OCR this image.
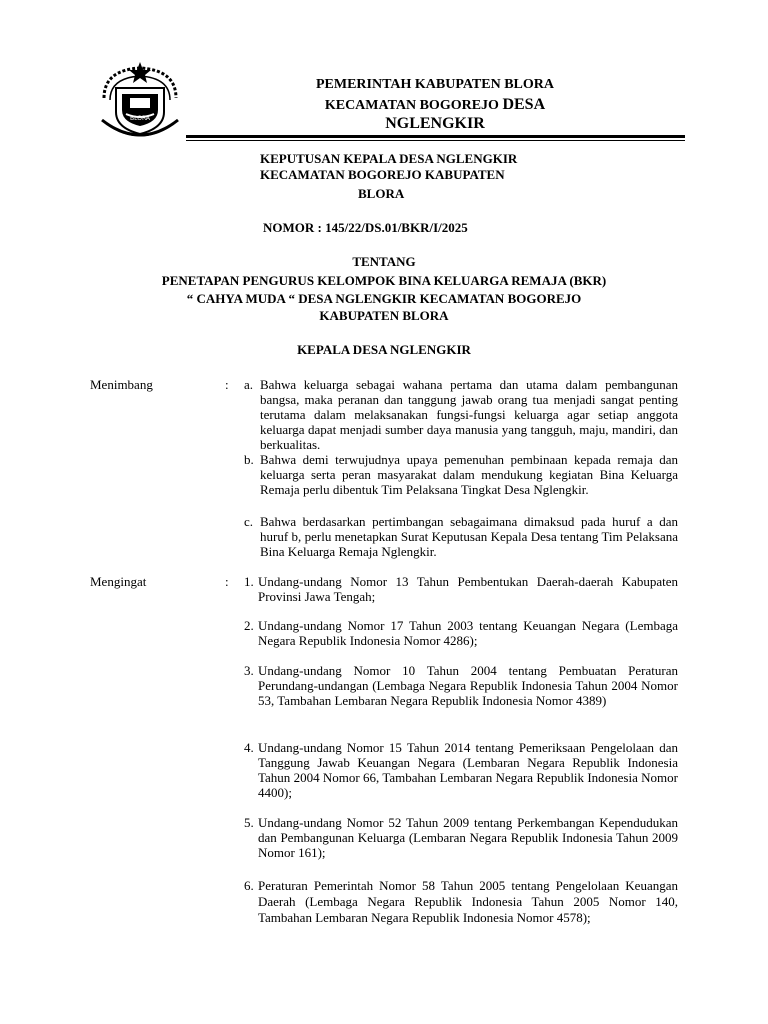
BLORA
PEMERINTAH KABUPATEN BLORA
KECAMATAN BOGOREJO DESA
NGLENGKIR
KEPUTUSAN KEPALA DESA NGLENGKIR
KECAMATAN BOGOREJO KABUPATEN
BLORA
NOMOR : 145/22/DS.01/BKR/I/2025
TENTANG
PENETAPAN PENGURUS KELOMPOK BINA KELUARGA REMAJA (BKR)
“ CAHYA MUDA “ DESA NGLENGKIR KECAMATAN BOGOREJO
KABUPATEN BLORA
KEPALA DESA NGLENGKIR
Menimbang	: a. Bahwa keluarga sebagai wahana pertama dan utama dalam pembangunan bangsa, maka peranan dan tanggung jawab orang tua menjadi sangat penting terutama dalam melaksanakan fungsi-fungsi keluarga agar setiap anggota keluarga dapat menjadi sumber daya manusia yang tangguh, maju, mandiri, dan berkualitas.
b. Bahwa demi terwujudnya upaya pemenuhan pembinaan kepada remaja dan keluarga serta peran masyarakat dalam mendukung kegiatan Bina Keluarga Remaja perlu dibentuk Tim Pelaksana Tingkat Desa Nglengkir.
c. Bahwa berdasarkan pertimbangan sebagaimana dimaksud pada huruf a dan huruf b, perlu menetapkan Surat Keputusan Kepala Desa tentang Tim Pelaksana Bina Keluarga Remaja Nglengkir.
Mengingat	: 1. Undang-undang Nomor 13 Tahun Pembentukan Daerah-daerah Kabupaten Provinsi Jawa Tengah;
2. Undang-undang Nomor 17 Tahun 2003 tentang Keuangan Negara (Lembaga Negara Republik Indonesia Nomor 4286);
3. Undang-undang Nomor 10 Tahun 2004 tentang Pembuatan Peraturan Perundang-undangan (Lembaga Negara Republik Indonesia Tahun 2004 Nomor 53, Tambahan Lembaran Negara Republik Indonesia Nomor 4389)
4. Undang-undang Nomor 15 Tahun 2014 tentang Pemeriksaan Pengelolaan dan Tanggung Jawab Keuangan Negara (Lembaran Negara Republik Indonesia Tahun 2004 Nomor 66, Tambahan Lembaran Negara Republik Indonesia Nomor 4400);
5. Undang-undang Nomor 52 Tahun 2009 tentang Perkembangan Kependudukan dan Pembangunan Keluarga (Lembaran Negara Republik Indonesia Tahun 2009 Nomor 161);
6. Peraturan Pemerintah Nomor 58 Tahun 2005 tentang Pengelolaan Keuangan Daerah (Lembaga Negara Republik Indonesia Tahun 2005 Nomor 140, Tambahan Lembaran Negara Republik Indonesia Nomor 4578);
